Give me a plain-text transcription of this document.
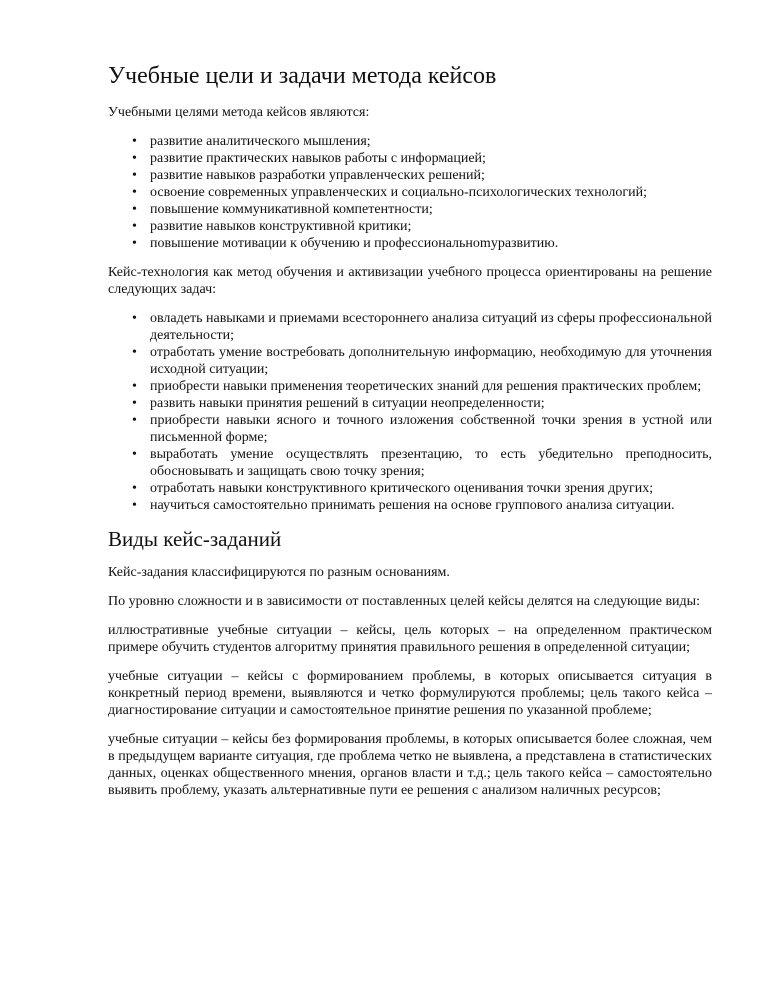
Учебные цели и задачи метода кейсов

Учебными целями метода кейсов являются:

• развитие аналитического мышления;
• развитие практических навыков работы с информацией;
• развитие навыков разработки управленческих решений;
• освоение современных управленческих и социально-психологических технологий;
• повышение коммуникативной компетентности;
• развитие навыков конструктивной критики;
• повышение мотивации к обучению и профессиональноmуразвитию.

Кейс-технология как метод обучения и активизации учебного процесса ориентированы на решение следующих задач:

• овладеть навыками и приемами всестороннего анализа ситуаций из сферы профессиональной деятельности;
• отработать умение востребовать дополнительную информацию, необходимую для уточнения исходной ситуации;
• приобрести навыки применения теоретических знаний для решения практических проблем;
• развить навыки принятия решений в ситуации неопределенности;
• приобрести навыки ясного и точного изложения собственной точки зрения в устной или письменной форме;
• выработать умение осуществлять презентацию, то есть убедительно преподносить, обосновывать и защищать свою точку зрения;
• отработать навыки конструктивного критического оценивания точки зрения других;
• научиться самостоятельно принимать решения на основе группового анализа ситуации.
Виды кейс-заданий

Кейс-задания классифицируются по разным основаниям.

По уровню сложности и в зависимости от поставленных целей кейсы делятся на следующие виды:

иллюстративные учебные ситуации – кейсы, цель которых – на определенном практическом примере обучить студентов алгоритму принятия правильного решения в определенной ситуации;

учебные ситуации – кейсы с формированием проблемы, в которых описывается ситуация в конкретный период времени, выявляются и четко формулируются проблемы; цель такого кейса – диагностирование ситуации и самостоятельное принятие решения по указанной проблеме;

учебные ситуации – кейсы без формирования проблемы, в которых описывается более сложная, чем в предыдущем варианте ситуация, где проблема четко не выявлена, а представлена в статистических данных, оценках общественного мнения, органов власти и т.д.; цель такого кейса – самостоятельно выявить проблему, указать альтернативные пути ее решения с анализом наличных ресурсов;
